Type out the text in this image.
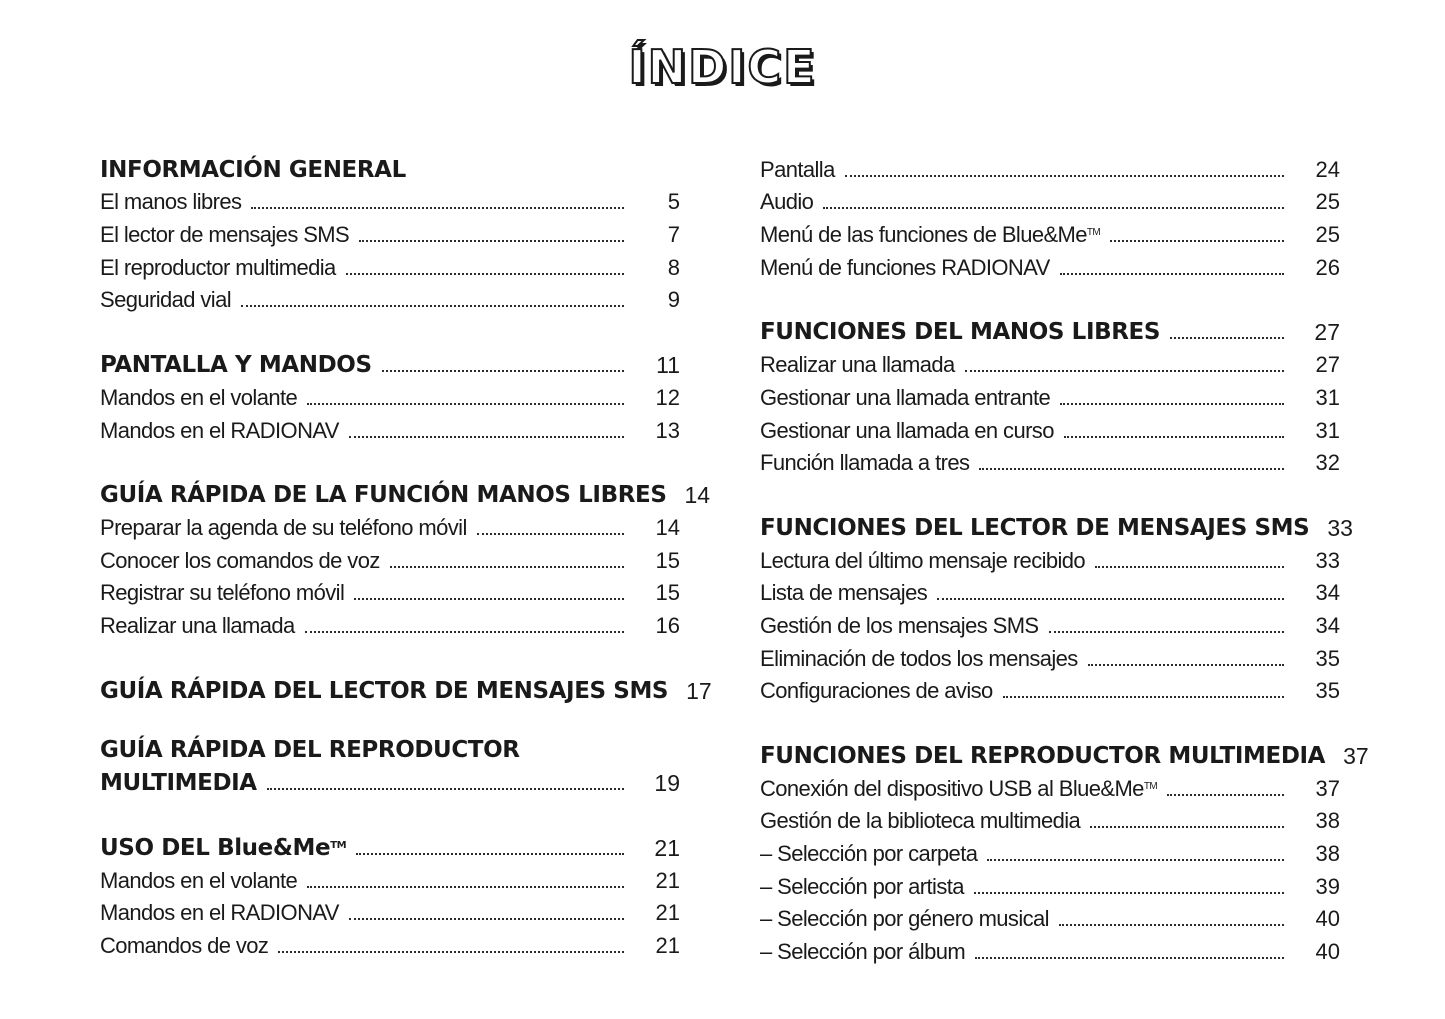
ÍNDICE
INFORMACIÓN GENERAL
El manos libres	5
El lector de mensajes SMS	7
El reproductor multimedia	8
Seguridad vial	9
PANTALLA Y MANDOS	11
Mandos en el volante	12
Mandos en el RADIONAV	13
GUÍA RÁPIDA DE LA FUNCIÓN MANOS LIBRES 14
Preparar la agenda de su teléfono móvil	14
Conocer los comandos de voz	15
Registrar su teléfono móvil	15
Realizar una llamada	16
GUÍA RÁPIDA DEL LECTOR DE MENSAJES SMS 17
GUÍA RÁPIDA DEL REPRODUCTOR
MULTIMEDIA	19
USO DEL Blue&Me™	21
Mandos en el volante	21
Mandos en el RADIONAV	21
Comandos de voz	21
Pantalla	24
Audio	25
Menú de las funciones de Blue&Me™	25
Menú de funciones RADIONAV	26
FUNCIONES DEL MANOS LIBRES	27
Realizar una llamada	27
Gestionar una llamada entrante	31
Gestionar una llamada en curso	31
Función llamada a tres	32
FUNCIONES DEL LECTOR DE MENSAJES SMS 33
Lectura del último mensaje recibido	33
Lista de mensajes	34
Gestión de los mensajes SMS	34
Eliminación de todos los mensajes	35
Configuraciones de aviso	35
FUNCIONES DEL REPRODUCTOR MULTIMEDIA 37
Conexión del dispositivo USB al Blue&Me™	37
Gestión de la biblioteca multimedia	38
– Selección por carpeta	38
– Selección por artista	39
– Selección por género musical	40
– Selección por álbum	40
